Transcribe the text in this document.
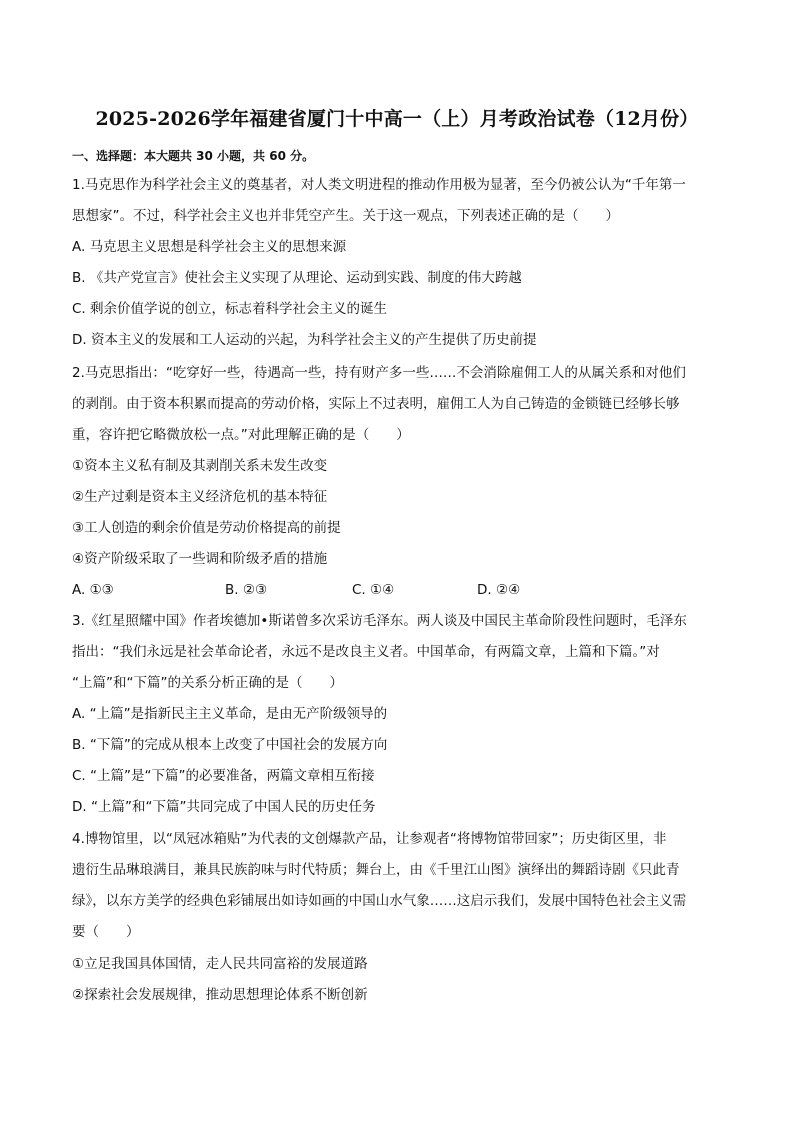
2025-2026学年福建省厦门十中高一（上）月考政治试卷（12月份）
一、选择题：本大题共 30 小题，共 60 分。
1.马克思作为科学社会主义的奠基者，对人类文明进程的推动作用极为显著，至今仍被公认为“千年第一
思想家”。不过，科学社会主义也并非凭空产生。关于这一观点，下列表述正确的是（　　）
A. 马克思主义思想是科学社会主义的思想来源
B. 《共产党宣言》使社会主义实现了从理论、运动到实践、制度的伟大跨越
C. 剩余价值学说的创立，标志着科学社会主义的诞生
D. 资本主义的发展和工人运动的兴起，为科学社会主义的产生提供了历史前提
2.马克思指出：“吃穿好一些，待遇高一些，持有财产多一些……不会消除雇佣工人的从属关系和对他们
的剥削。由于资本积累而提高的劳动价格，实际上不过表明，雇佣工人为自己铸造的金锁链已经够长够
重，容许把它略微放松一点。”对此理解正确的是（　　）
①资本主义私有制及其剥削关系未发生改变
②生产过剩是资本主义经济危机的基本特征
③工人创造的剩余价值是劳动价格提高的前提
④资产阶级采取了一些调和阶级矛盾的措施
A. ①③	B. ②③	C. ①④	D. ②④
3.《红星照耀中国》作者埃德加•斯诺曾多次采访毛泽东。两人谈及中国民主革命阶段性问题时，毛泽东
指出：“我们永远是社会革命论者，永远不是改良主义者。中国革命，有两篇文章，上篇和下篇。”对
“上篇”和“下篇”的关系分析正确的是（　　）
A. “上篇”是指新民主主义革命，是由无产阶级领导的
B. “下篇”的完成从根本上改变了中国社会的发展方向
C. “上篇”是“下篇”的必要准备，两篇文章相互衔接
D. “上篇”和“下篇”共同完成了中国人民的历史任务
4.博物馆里，以“凤冠冰箱贴”为代表的文创爆款产品，让参观者“将博物馆带回家”；历史街区里，非
遗衍生品琳琅满目，兼具民族韵味与时代特质；舞台上，由《千里江山图》演绎出的舞蹈诗剧《只此青
绿》，以东方美学的经典色彩铺展出如诗如画的中国山水气象……这启示我们，发展中国特色社会主义需
要（　　）
①立足我国具体国情，走人民共同富裕的发展道路
②探索社会发展规律，推动思想理论体系不断创新
